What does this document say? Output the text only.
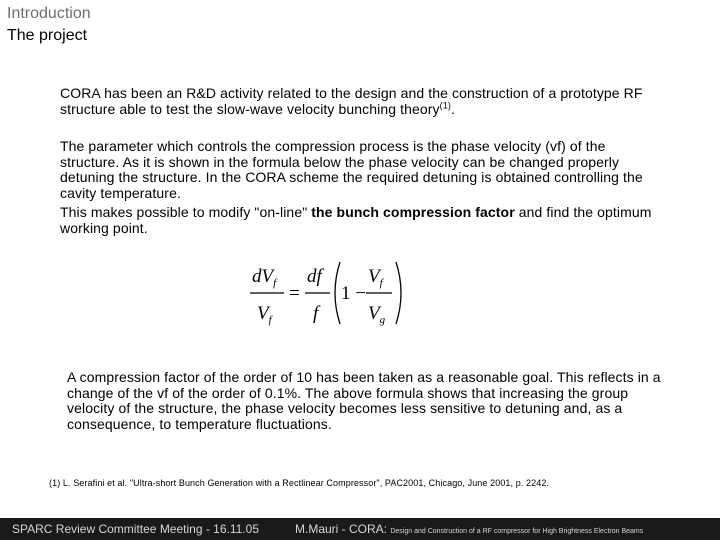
Introduction
The project
CORA has been an R&D activity related to the design and the construction of a prototype RF structure able to test the slow-wave velocity bunching theory$^{(1)}$.
The parameter which controls the compression process is the phase velocity (vf) of the structure. As it is shown in the formula below the phase velocity can be changed properly detuning the structure. In the CORA scheme the required detuning is obtained controlling the cavity temperature.
This makes possible to modify "on-line" the bunch compression factor and find the optimum working point.
$dV_f$
$V_f$
df
f
$V_f$
$V_g$
= 1 −
A compression factor of the order of 10 has been taken as a reasonable goal. This reflects in a change of the vf of the order of 0.1%. The above formula shows that increasing the group velocity of the structure, the phase velocity becomes less sensitive to detuning and, as a consequence, to temperature fluctuations.
(1) L. Serafini et al. "Ultra-short Bunch Generation with a Rectlinear Compressor", PAC2001, Chicago, June 2001, p. 2242.
SPARC Review Committee Meeting - 16.11.05	M.Mauri - CORA: Design and Construction of a RF compressor for High Brightness Electron Beams
